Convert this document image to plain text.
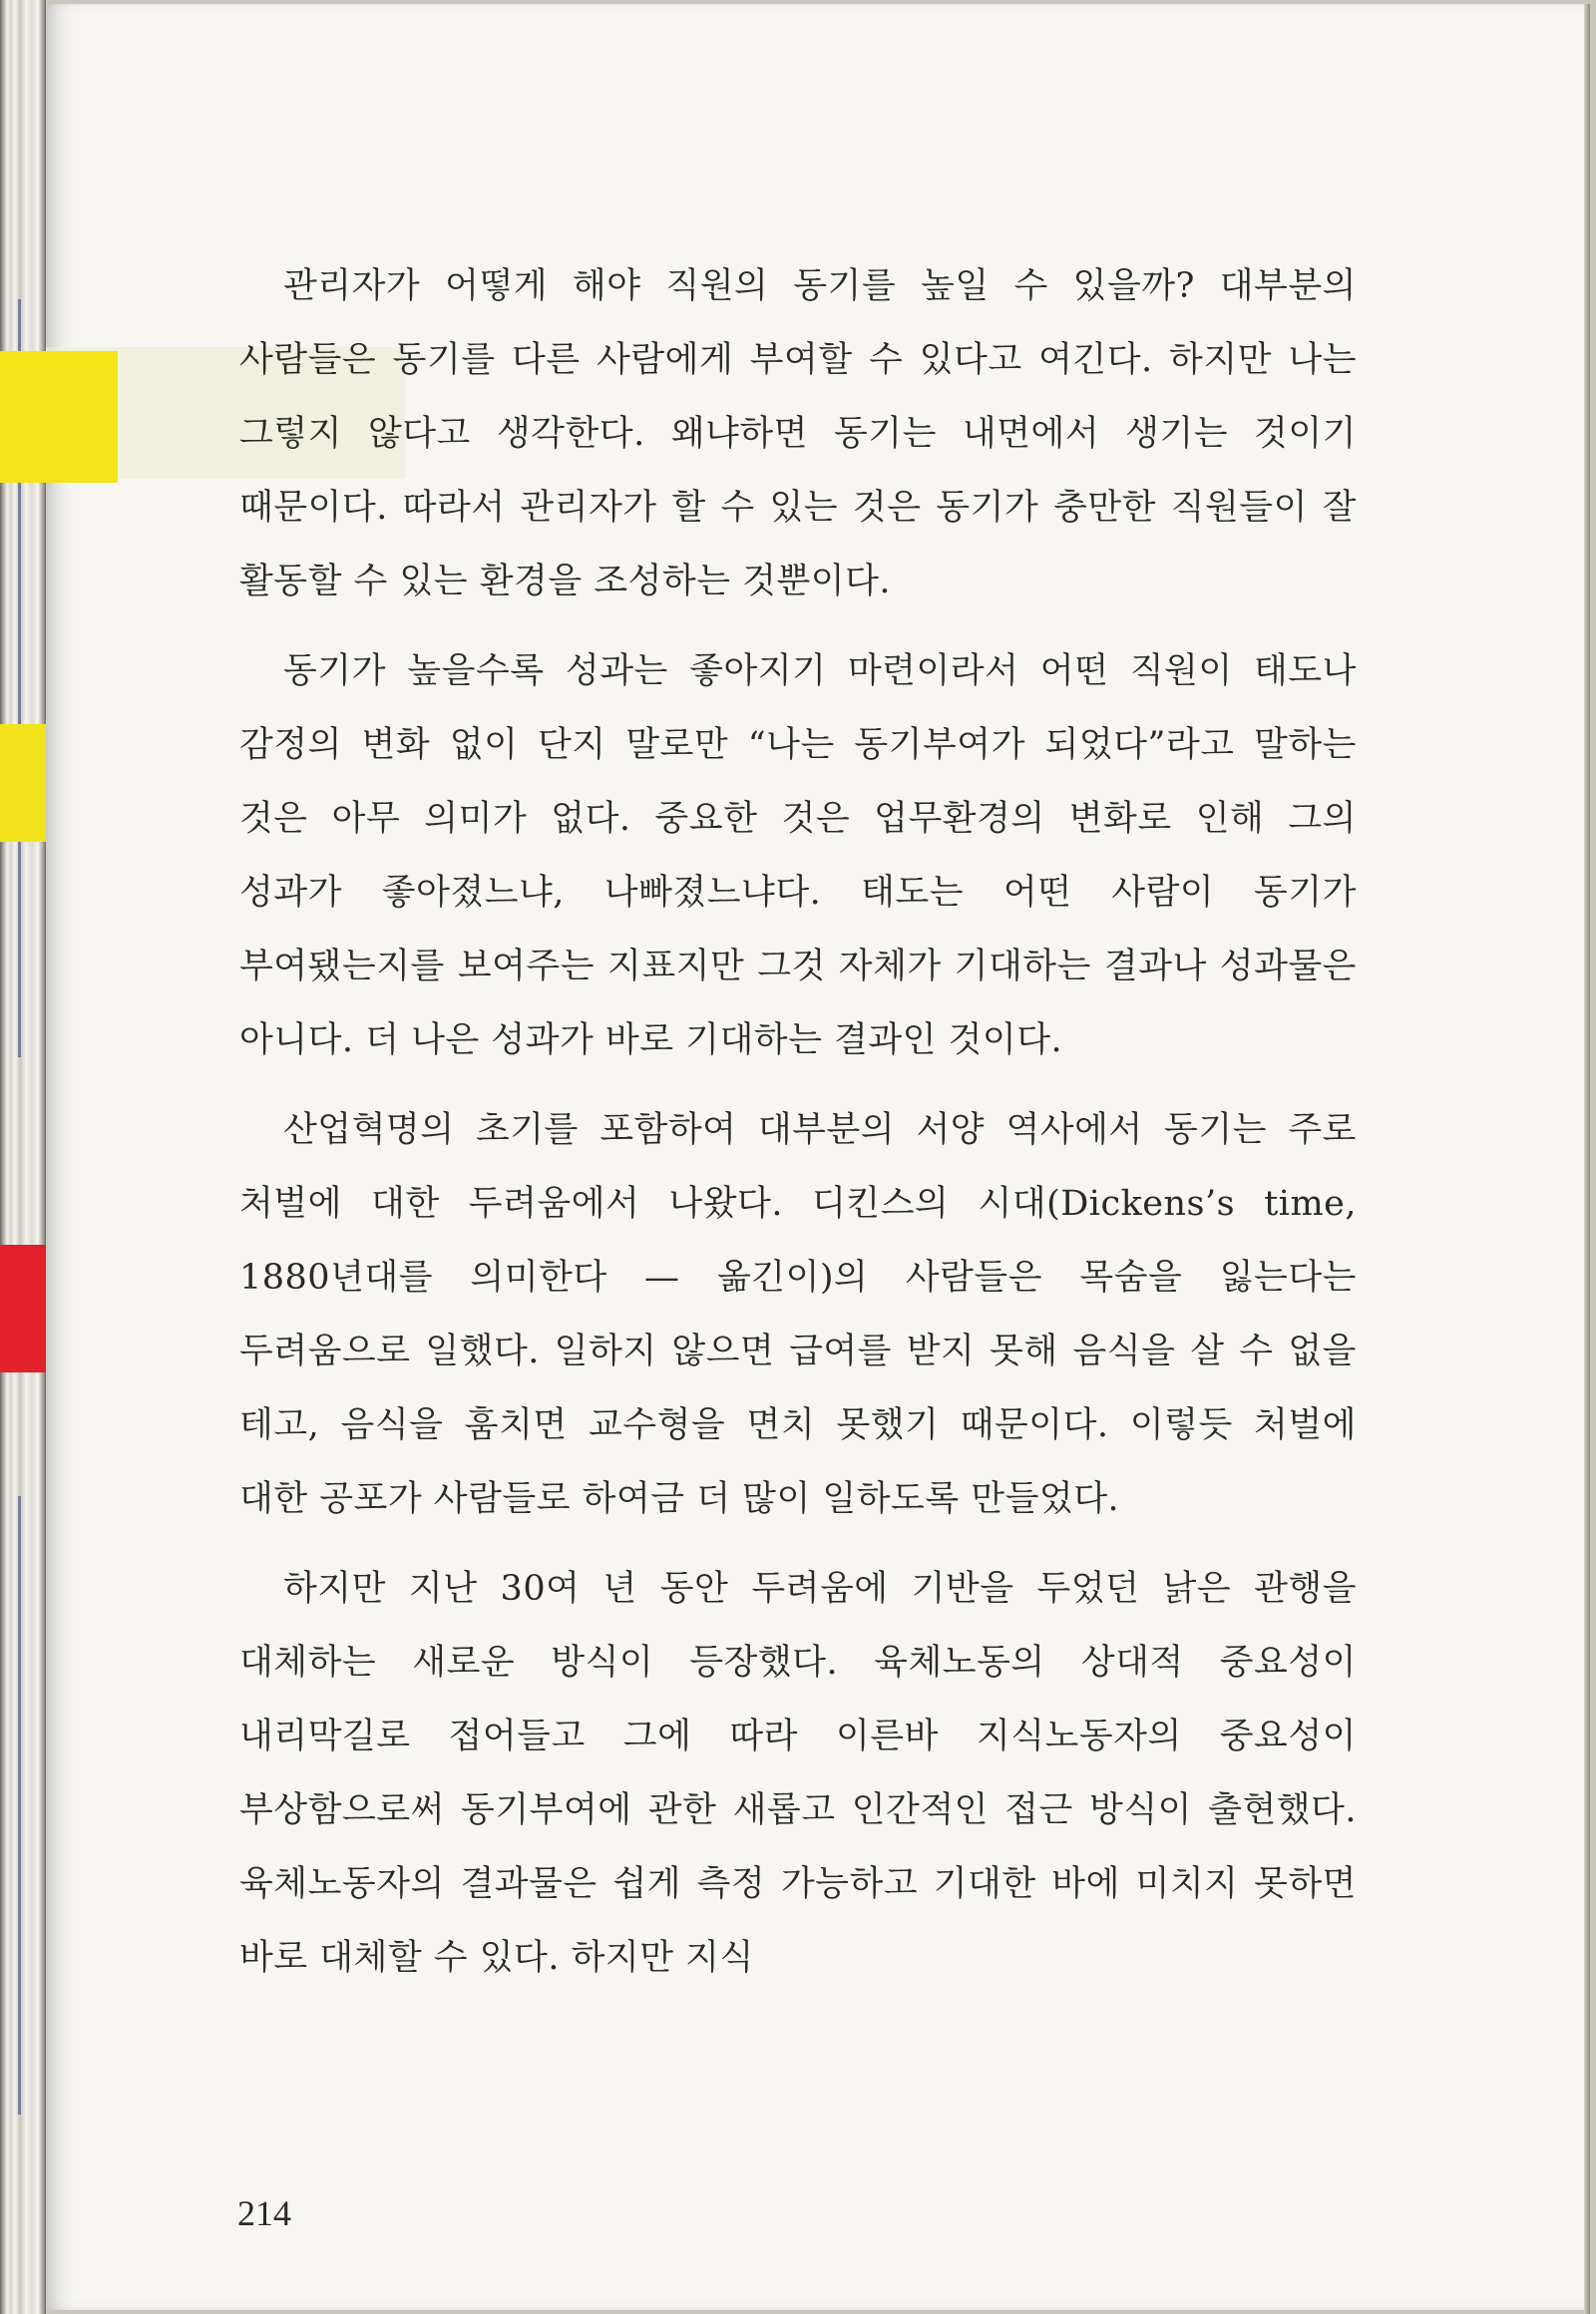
관리자가 어떻게 해야 직원의 동기를 높일 수 있을까? 대부분의 사람들은 동기를 다른 사람에게 부여할 수 있다고 여긴다. 하지만 나는 그렇지 않다고 생각한다. 왜냐하면 동기는 내면에서 생기는 것이기 때문이다. 따라서 관리자가 할 수 있는 것은 동기가 충만한 직원들이 잘 활동할 수 있는 환경을 조성하는 것뿐이다.

동기가 높을수록 성과는 좋아지기 마련이라서 어떤 직원이 태도나 감정의 변화 없이 단지 말로만 “나는 동기부여가 되었다”라고 말하는 것은 아무 의미가 없다. 중요한 것은 업무환경의 변화로 인해 그의 성과가 좋아졌느냐, 나빠졌느냐다. 태도는 어떤 사람이 동기가 부여됐는지를 보여주는 지표지만 그것 자체가 기대하는 결과나 성과물은 아니다. 더 나은 성과가 바로 기대하는 결과인 것이다.

산업혁명의 초기를 포함하여 대부분의 서양 역사에서 동기는 주로 처벌에 대한 두려움에서 나왔다. 디킨스의 시대(Dickens’s time, 1880년대를 의미한다 — 옮긴이)의 사람들은 목숨을 잃는다는 두려움으로 일했다. 일하지 않으면 급여를 받지 못해 음식을 살 수 없을 테고, 음식을 훔치면 교수형을 면치 못했기 때문이다. 이렇듯 처벌에 대한 공포가 사람들로 하여금 더 많이 일하도록 만들었다.

하지만 지난 30여 년 동안 두려움에 기반을 두었던 낡은 관행을 대체하는 새로운 방식이 등장했다. 육체노동의 상대적 중요성이 내리막길로 접어들고 그에 따라 이른바 지식노동자의 중요성이 부상함으로써 동기부여에 관한 새롭고 인간적인 접근 방식이 출현했다. 육체노동자의 결과물은 쉽게 측정 가능하고 기대한 바에 미치지 못하면 바로 대체할 수 있다. 하지만 지식

214
